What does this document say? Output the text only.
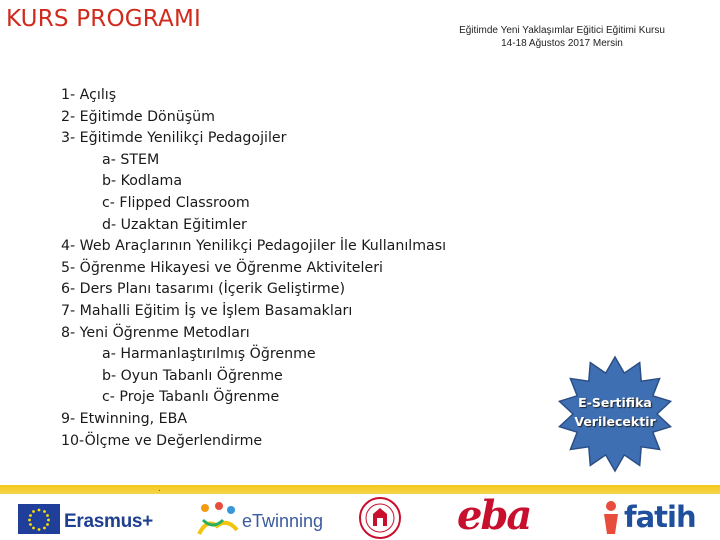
KURS PROGRAMI	Eğitimde Yeni Yaklaşımlar Eğitici Eğitimi Kursu
14-18 Ağustos 2017 Mersin
1- Açılış
2- Eğitimde Dönüşüm
3- Eğitimde Yenilikçi Pedagojiler
a- STEM
b- Kodlama
c- Flipped Classroom
d- Uzaktan Eğitimler
4- Web Araçlarının Yenilikçi Pedagojiler İle Kullanılması
5- Öğrenme Hikayesi ve Öğrenme Aktiviteleri
6- Ders Planı tasarımı (İçerik Geliştirme)
7- Mahalli Eğitim İş ve İşlem Basamakları
8- Yeni Öğrenme Metodları
a- Harmanlaştırılmış Öğrenme
b- Oyun Tabanlı Öğrenme
c- Proje Tabanlı Öğrenme
9- Etwinning, EBA
10-Ölçme ve Değerlendirme
E-Sertifika
Verilecektir
.
Erasmus+	eTwinning	eba	fatih
